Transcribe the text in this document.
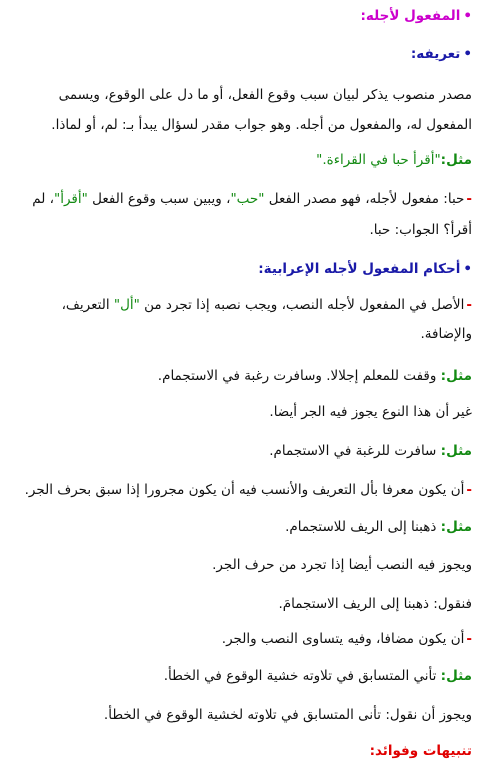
•المفعول لأجله:
•تعريفه:
مصدر منصوب يذكر لبيان سبب وقوع الفعل، أو ما دل على الوقوع، ويسمى
المفعول له، والمفعول من أجله. وهو جواب مقدر لسؤال يبدأ بـ: لم، أو لماذا.
مثل:"أقرأ حبا في القراءة."
-حبا: مفعول لأجله، فهو مصدر الفعل "حب"، ويبين سبب وقوع الفعل "أقرأ"، لم
أقرأ؟ الجواب: حبا.
•أحكام المفعول لأجله الإعرابية:
-الأصل في المفعول لأجله النصب، ويجب نصبه إذا تجرد من "أل" التعريف،
والإضافة.
مثل: وقفت للمعلم إجلالا. وسافرت رغبة في الاستجمام.
غير أن هذا النوع يجوز فيه الجر أيضا.
مثل: سافرت للرغبة في الاستجمام.
-أن يكون معرفا بأل التعريف والأنسب فيه أن يكون مجرورا إذا سبق بحرف الجر.
مثل: ذهبنا إلى الريف للاستجمام.
ويجوز فيه النصب أيضا إذا تجرد من حرف الجر.
فنقول: ذهبنا إلى الريف الاستجمامَ.
-أن يكون مضافا، وفيه يتساوى النصب والجر.
مثل: تأني المتسابق في تلاوته خشية الوقوع في الخطأ.
ويجوز أن نقول: تأنى المتسابق في تلاوته لخشية الوقوع في الخطأ.
تنبيهات وفوائد:
